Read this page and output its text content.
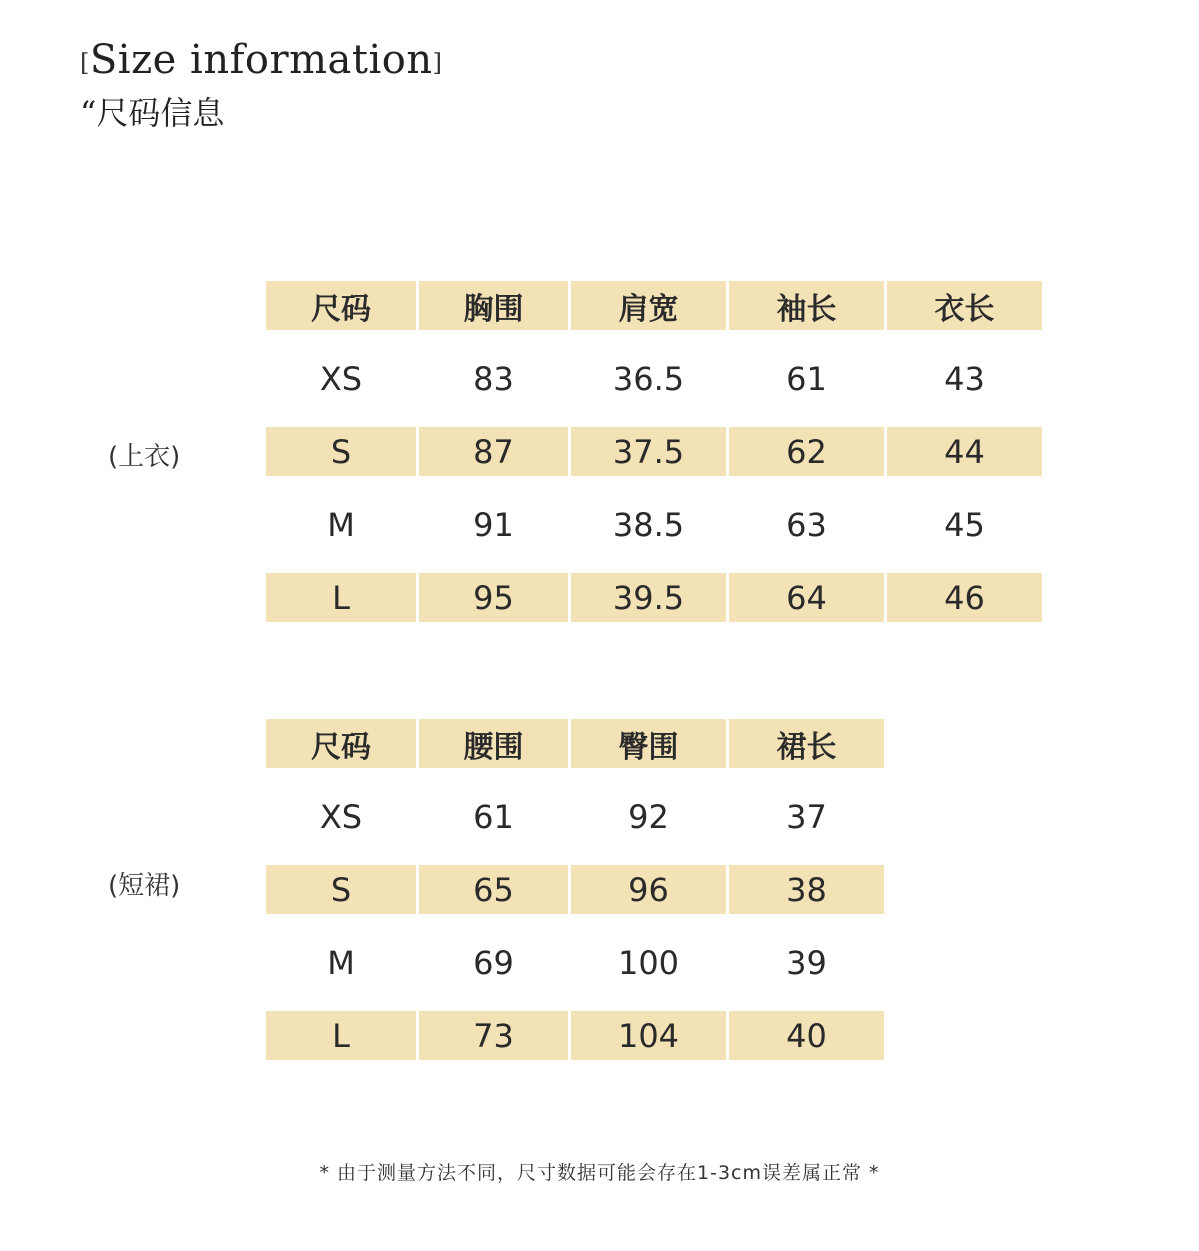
[Size information]
“尺码信息
(上衣)
尺码	胸围	肩宽	袖长	衣长
XS	83	36.5	61	43
S	87	37.5	62	44
M	91	38.5	63	45
L	95	39.5	64	46
(短裙)
尺码	腰围	臀围	裙长
XS	61	92	37
S	65	96	38
M	69	100	39
L	73	104	40
* 由于测量方法不同，尺寸数据可能会存在1-3cm误差属正常 *
